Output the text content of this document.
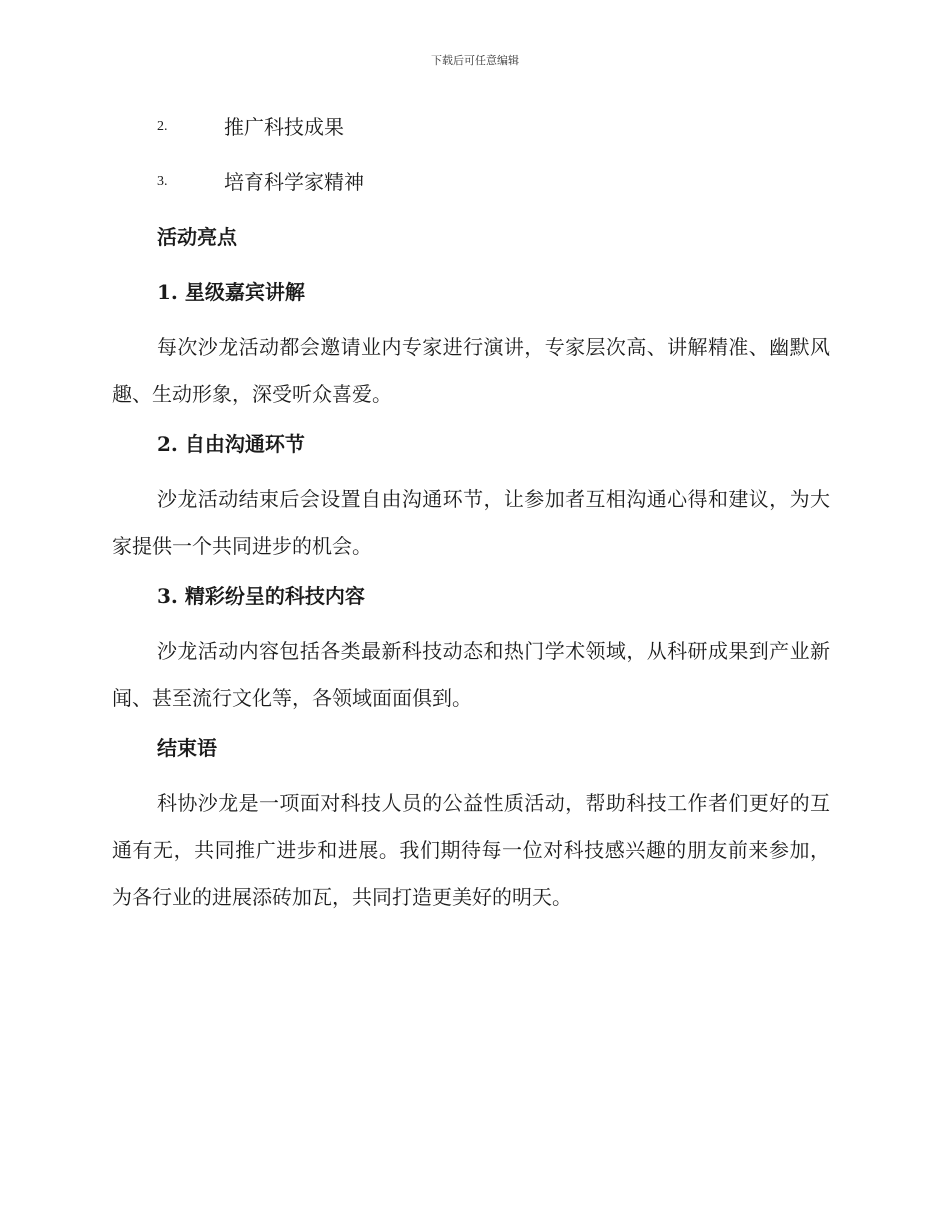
下载后可任意编辑
2.	推广科技成果
3.	培育科学家精神
活动亮点
1. 星级嘉宾讲解

每次沙龙活动都会邀请业内专家进行演讲，专家层次高、讲解精准、幽默风趣、生动形象，深受听众喜爱。

2. 自由沟通环节

沙龙活动结束后会设置自由沟通环节，让参加者互相沟通心得和建议，为大家提供一个共同进步的机会。

3. 精彩纷呈的科技内容

沙龙活动内容包括各类最新科技动态和热门学术领域，从科研成果到产业新闻、甚至流行文化等，各领域面面俱到。

结束语

科协沙龙是一项面对科技人员的公益性质活动，帮助科技工作者们更好的互通有无，共同推广进步和进展。我们期待每一位对科技感兴趣的朋友前来参加，为各行业的进展添砖加瓦，共同打造更美好的明天。
